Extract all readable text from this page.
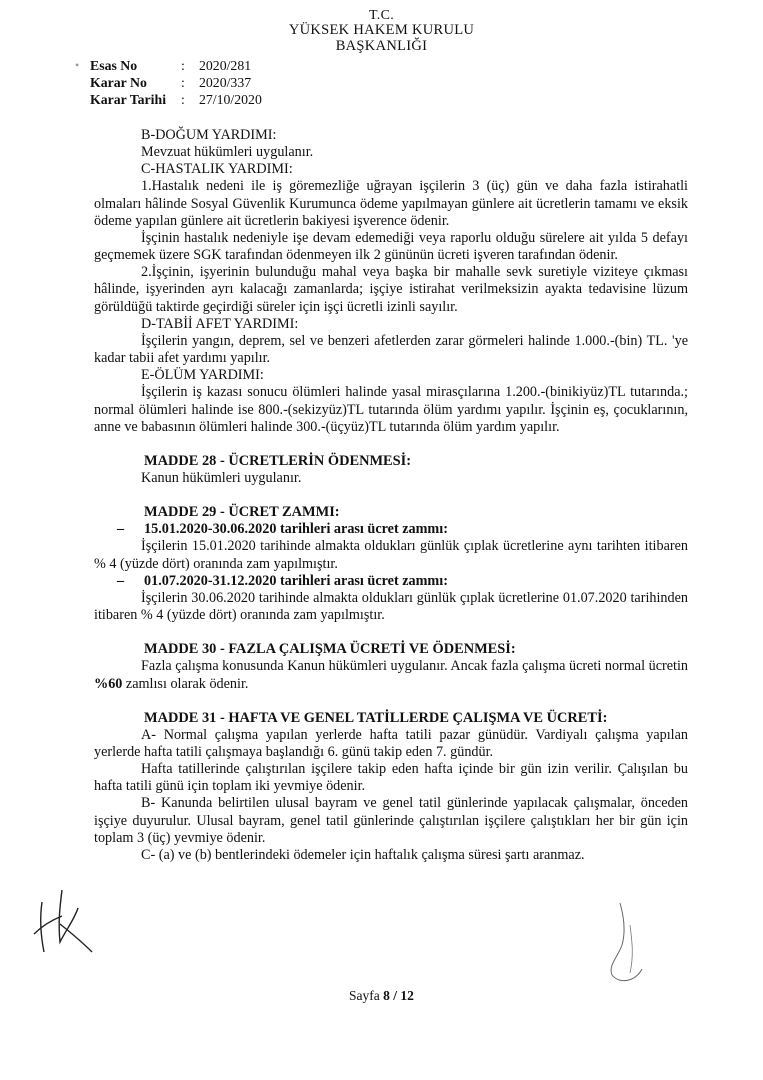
T.C.
YÜKSEK HAKEM KURULU
BAŞKANLIĞI
• Esas No	:	2020/281
Karar No	:	2020/337
Karar Tarihi	:	27/10/2020

B-DOĞUM YARDIMI:

Mevzuat hükümleri uygulanır.

C-HASTALIK YARDIMI:

1.Hastalık nedeni ile iş göremezliğe uğrayan işçilerin 3 (üç) gün ve daha fazla istirahatli olmaları hâlinde Sosyal Güvenlik Kurumunca ödeme yapılmayan günlere ait ücretlerin tamamı ve eksik ödeme yapılan günlere ait ücretlerin bakiyesi işverence ödenir.

İşçinin hastalık nedeniyle işe devam edemediği veya raporlu olduğu sürelere ait yılda 5 defayı geçmemek üzere SGK tarafından ödenmeyen ilk 2 gününün ücreti işveren tarafından ödenir.

2.İşçinin, işyerinin bulunduğu mahal veya başka bir mahalle sevk suretiyle viziteye çıkması hâlinde, işyerinden ayrı kalacağı zamanlarda; işçiye istirahat verilmeksizin ayakta tedavisine lüzum görüldüğü taktirde geçirdiği süreler için işçi ücretli izinli sayılır.

D-TABİİ AFET YARDIMI:

İşçilerin yangın, deprem, sel ve benzeri afetlerden zarar görmeleri halinde 1.000.-(bin) TL. 'ye kadar tabii afet yardımı yapılır.

E-ÖLÜM YARDIMI:

İşçilerin iş kazası sonucu ölümleri halinde yasal mirasçılarına 1.200.-(binikiyüz)TL tutarında.; normal ölümleri halinde ise 800.-(sekizyüz)TL tutarında ölüm yardımı yapılır. İşçinin eş, çocuklarının, anne ve babasının ölümleri halinde 300.-(üçyüz)TL tutarında ölüm yardım yapılır.

MADDE 28 - ÜCRETLERİN ÖDENMESİ:

Kanun hükümleri uygulanır.

MADDE 29 - ÜCRET ZAMMI:

– 15.01.2020-30.06.2020 tarihleri arası ücret zammı:

İşçilerin 15.01.2020 tarihinde almakta oldukları günlük çıplak ücretlerine aynı tarihten itibaren % 4 (yüzde dört) oranında zam yapılmıştır.

– 01.07.2020-31.12.2020 tarihleri arası ücret zammı:

İşçilerin 30.06.2020 tarihinde almakta oldukları günlük çıplak ücretlerine 01.07.2020 tarihinden itibaren % 4 (yüzde dört) oranında zam yapılmıştır.

MADDE 30 - FAZLA ÇALIŞMA ÜCRETİ VE ÖDENMESİ:

Fazla çalışma konusunda Kanun hükümleri uygulanır. Ancak fazla çalışma ücreti normal ücretin %60 zamlısı olarak ödenir.

MADDE 31 - HAFTA VE GENEL TATİLLERDE ÇALIŞMA VE ÜCRETİ:

A- Normal çalışma yapılan yerlerde hafta tatili pazar günüdür. Vardiyalı çalışma yapılan yerlerde hafta tatili çalışmaya başlandığı 6. günü takip eden 7. gündür.

Hafta tatillerinde çalıştırılan işçilere takip eden hafta içinde bir gün izin verilir. Çalışılan bu hafta tatili günü için toplam iki yevmiye ödenir.

B- Kanunda belirtilen ulusal bayram ve genel tatil günlerinde yapılacak çalışmalar, önceden işçiye duyurulur. Ulusal bayram, genel tatil günlerinde çalıştırılan işçilere çalıştıkları her bir gün için toplam 3 (üç) yevmiye ödenir.

C- (a) ve (b) bentlerindeki ödemeler için haftalık çalışma süresi şartı aranmaz.

Sayfa 8 / 12
